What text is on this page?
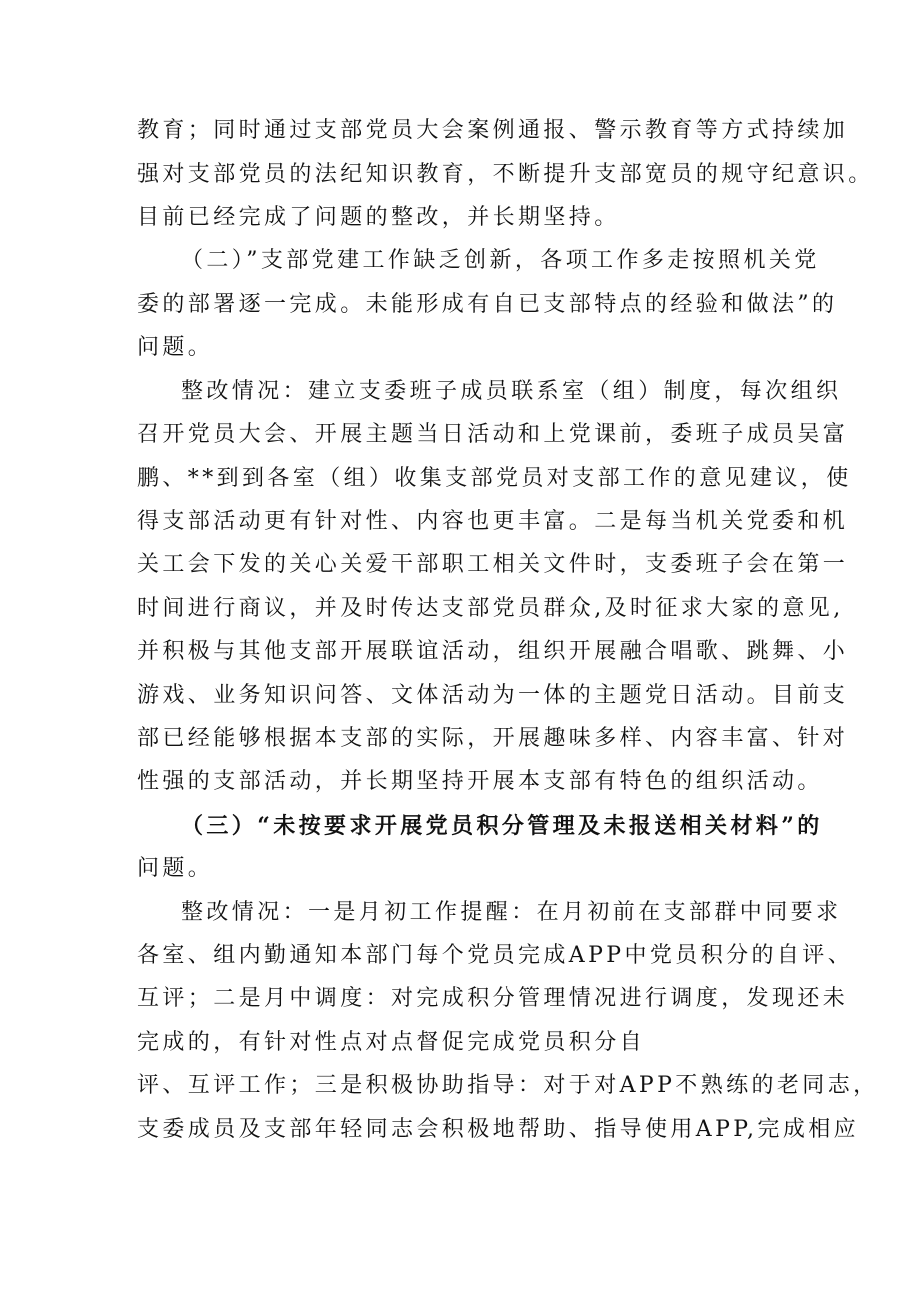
教育；同时通过支部党员大会案例通报、警示教育等方式持续加
强对支部党员的法纪知识教育，不断提升支部宽员的规守纪意识。
目前已经完成了问题的整改，并长期坚持。
（二）”支部党建工作缺乏创新，各项工作多走按照机关党
委的部署逐一完成。未能形成有自已支部特点的经验和做法”的
问题。
整改情况：建立支委班子成员联系室（组）制度，每次组织
召开党员大会、开展主题当日活动和上党课前，委班子成员吴富
鹏、**到到各室（组）收集支部党员对支部工作的意见建议，使
得支部活动更有针对性、内容也更丰富。二是每当机关党委和机
关工会下发的关心关爱干部职工相关文件时，支委班子会在第一
时间进行商议，并及时传达支部党员群众,及时征求大家的意见,
并积极与其他支部开展联谊活动，组织开展融合唱歌、跳舞、小
游戏、业务知识问答、文体活动为一体的主题党日活动。目前支
部已经能够根据本支部的实际，开展趣味多样、内容丰富、针对
性强的支部活动，并长期坚持开展本支部有特色的组织活动。
（三）“未按要求开展党员积分管理及未报送相关材料”的
问题。
整改情况：一是月初工作提醒：在月初前在支部群中同要求
各室、组内勤通知本部门每个党员完成APP中党员积分的自评、
互评；二是月中调度：对完成积分管理情况进行调度，发现还未
完成的，有针对性点对点督促完成党员积分自
评、互评工作；三是积极协助指导：对于对APP不熟练的老同志，
支委成员及支部年轻同志会积极地帮助、指导使用APP,完成相应
